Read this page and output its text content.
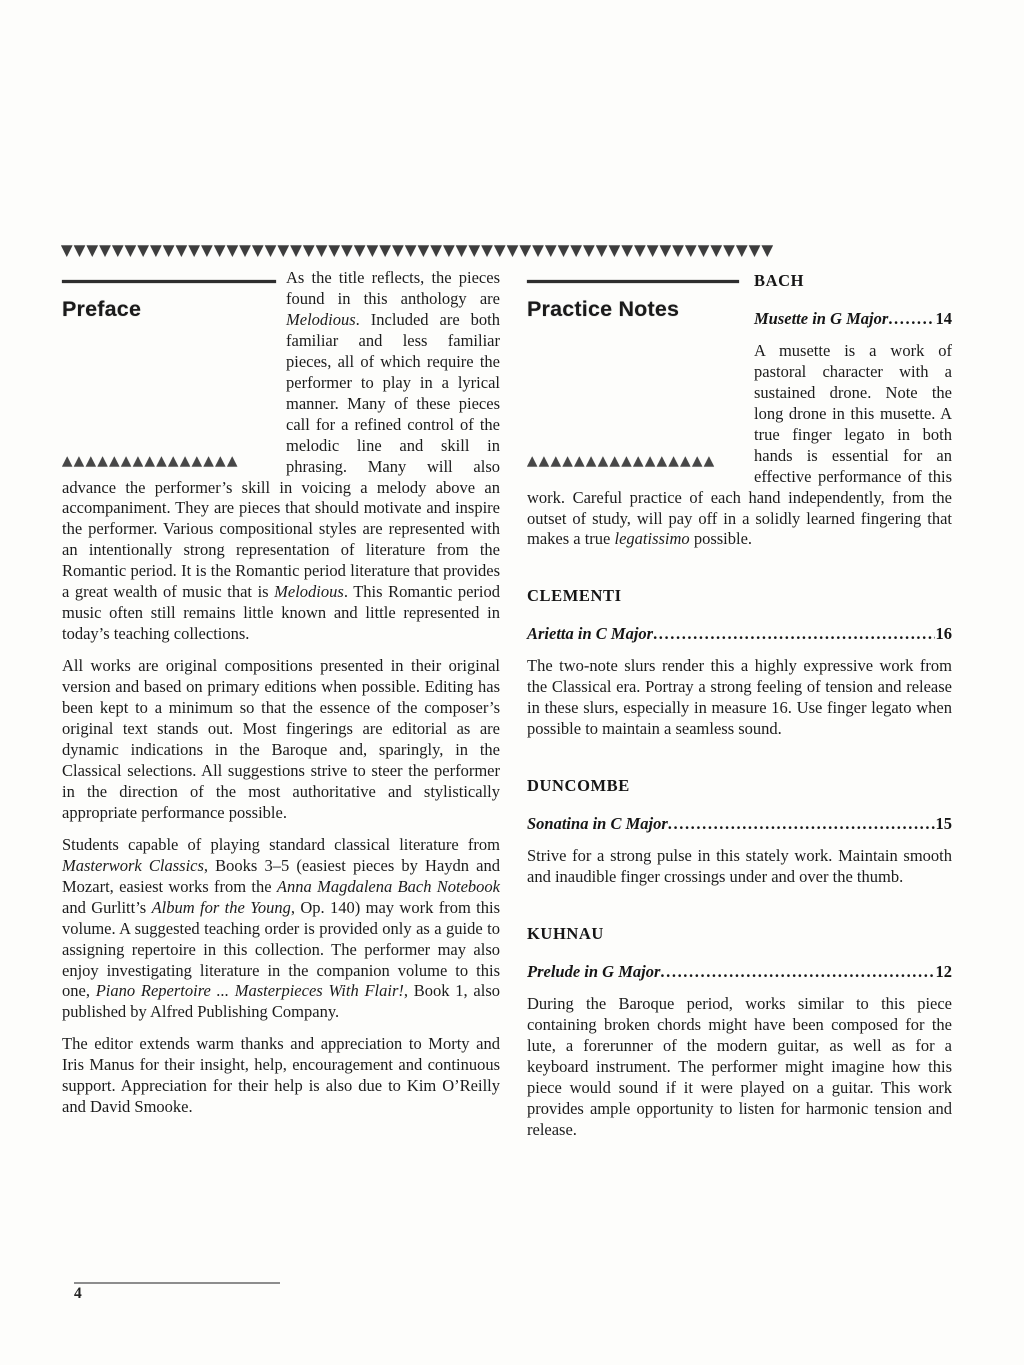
▼▼▼▼▼▼▼▼▼▼▼▼▼▼▼▼▼▼▼▼▼▼▼▼▼▼▼▼▼▼▼▼▼▼▼▼▼▼▼▼▼▼▼▼▼▼▼▼▼▼▼▼▼▼▼▼
Preface
▲▲▲▲▲▲▲▲▲▲▲▲▲▲▲

As the title reflects, the pieces found in this anthology are Melodious. Included are both familiar and less familiar pieces, all of which require the performer to play in a lyrical manner. Many of these pieces call for a refined control of the melodic line and skill in phrasing. Many will also advance the performer’s skill in voicing a melody above an accompaniment. They are pieces that should motivate and inspire the performer. Various compositional styles are represented with an intentionally strong representation of literature from the Romantic period. It is the Romantic period literature that provides a great wealth of music that is Melodious. This Romantic period music often still remains little known and little represented in today’s teaching collections.

All works are original compositions presented in their original version and based on primary editions when possible. Editing has been kept to a minimum so that the essence of the composer’s original text stands out. Most fingerings are editorial as are dynamic indications in the Baroque and, sparingly, in the Classical selections. All suggestions strive to steer the performer in the direction of the most authoritative and stylistically appropriate performance possible.

Students capable of playing standard classical literature from Masterwork Classics, Books 3–5 (easiest pieces by Haydn and Mozart, easiest works from the Anna Magdalena Bach Notebook and Gurlitt’s Album for the Young, Op. 140) may work from this volume. A suggested teaching order is provided only as a guide to assigning repertoire in this collection. The performer may also enjoy investigating literature in the companion volume to this one, Piano Repertoire ... Masterpieces With Flair!, Book 1, also published by Alfred Publishing Company.

The editor extends warm thanks and appreciation to Morty and Iris Manus for their insight, help, encouragement and continuous support. Appreciation for their help is also due to Kim O’Reilly and David Smooke.

Practice Notes
▲▲▲▲▲▲▲▲▲▲▲▲▲▲▲▲
BACH
Musette in G Major .....	14

A musette is a work of pastoral character with a sustained drone. Note the long drone in this musette. A true finger legato in both hands is essential for an effective performance of this work. Careful practice of each hand independently, from the outset of study, will pay off in a solidly learned fingering that makes a true legatissimo possible.

CLEMENTI
Arietta in C Major .....	16

The two-note slurs render this a highly expressive work from the Classical era. Portray a strong feeling of tension and release in these slurs, especially in measure 16. Use finger legato when possible to maintain a seamless sound.

DUNCOMBE
Sonatina in C Major .....	15

Strive for a strong pulse in this stately work. Maintain smooth and inaudible finger crossings under and over the thumb.

KUHNAU
Prelude in G Major .....	12

During the Baroque period, works similar to this piece containing broken chords might have been composed for the lute, a forerunner of the modern guitar, as well as for a keyboard instrument. The performer might imagine how this piece would sound if it were played on a guitar. This work provides ample opportunity to listen for harmonic tension and release.

4
